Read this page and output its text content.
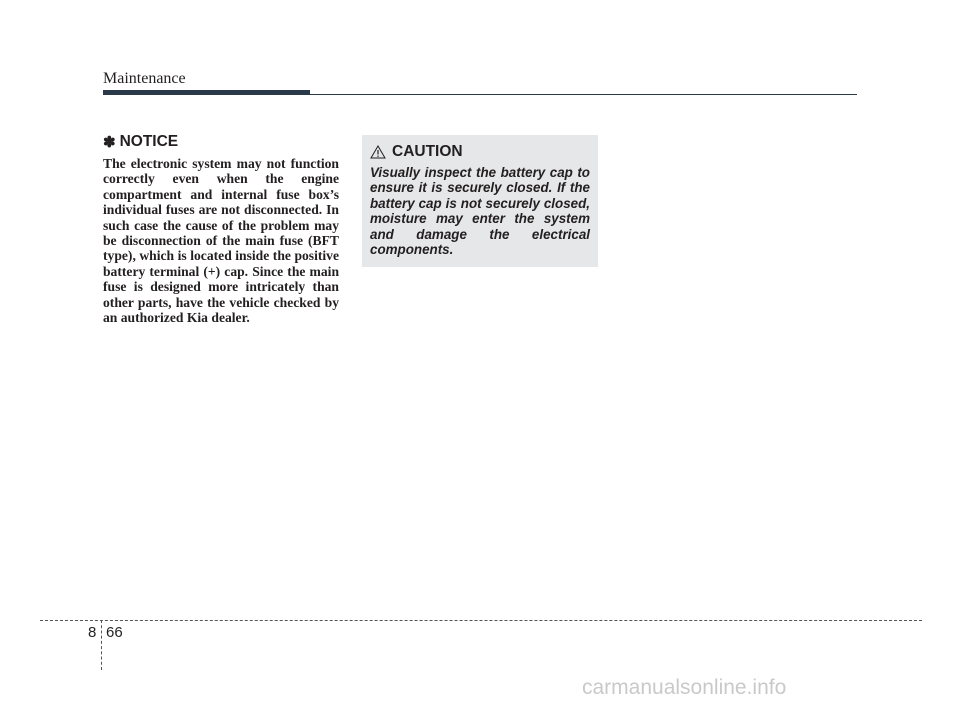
Maintenance
✽ NOTICE

The electronic system may not function correctly even when the engine compartment and internal fuse box’s individual fuses are not disconnected. In such case the cause of the problem may be disconnection of the main fuse (BFT type), which is located inside the positive battery terminal (+) cap. Since the main fuse is designed more intricately than other parts, have the vehicle checked by an authorized Kia dealer.

CAUTION

Visually inspect the battery cap to ensure it is securely closed. If the battery cap is not securely closed, moisture may enter the system and damage the electrical components.

8 66
carmanualsonline.info
